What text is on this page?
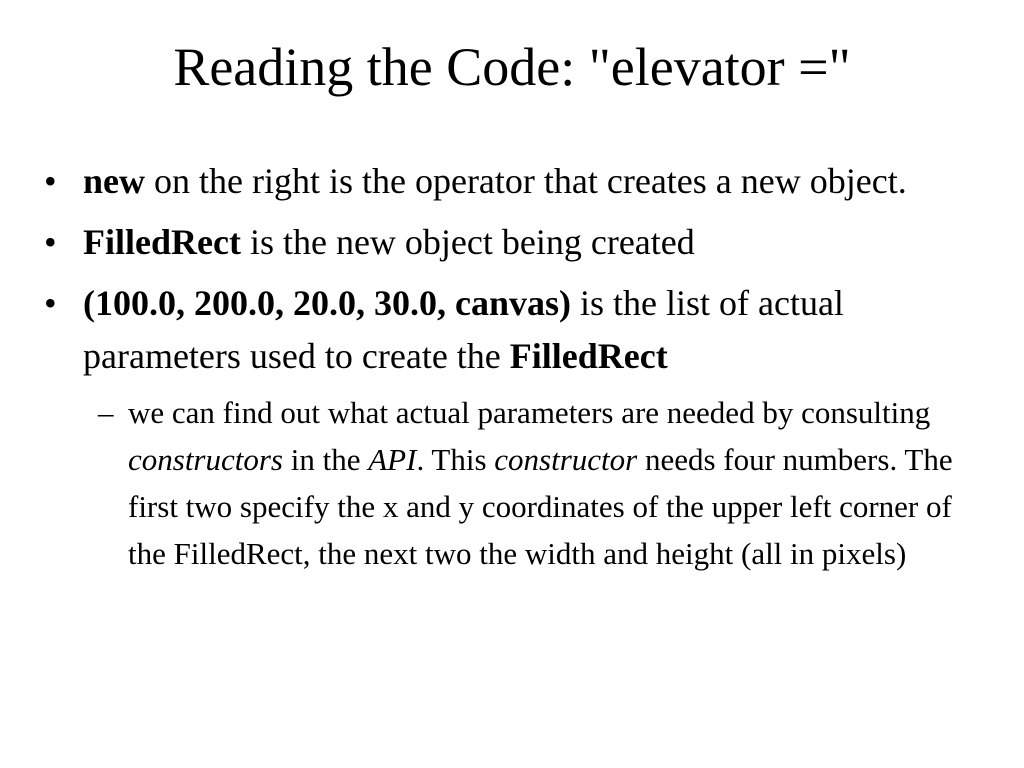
Reading the Code: "elevator ="
• new on the right is the operator that creates a new object.
• FilledRect is the new object being created
• (100.0, 200.0, 20.0, 30.0, canvas) is the list of actual parameters used to create the FilledRect
– we can find out what actual parameters are needed by consulting constructors in the API. This constructor needs four numbers. The first two specify the x and y coordinates of the upper left corner of the FilledRect, the next two the width and height (all in pixels)
